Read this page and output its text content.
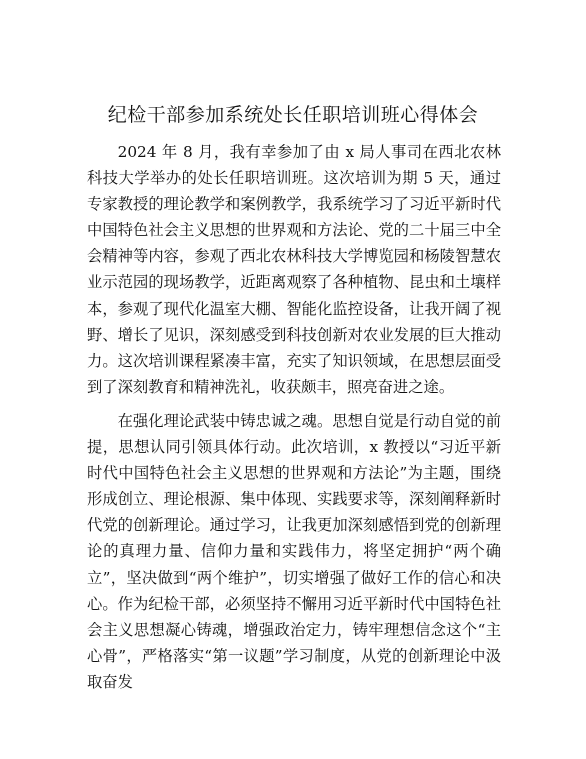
纪检干部参加系统处长任职培训班心得体会

2024 年 8 月，我有幸参加了由 x 局人事司在西北农林科技大学举办的处长任职培训班。这次培训为期 5 天，通过专家教授的理论教学和案例教学，我系统学习了习近平新时代中国特色社会主义思想的世界观和方法论、党的二十届三中全会精神等内容，参观了西北农林科技大学博览园和杨陵智慧农业示范园的现场教学，近距离观察了各种植物、昆虫和土壤样本，参观了现代化温室大棚、智能化监控设备，让我开阔了视野、增长了见识，深刻感受到科技创新对农业发展的巨大推动力。这次培训课程紧凑丰富，充实了知识领域，在思想层面受到了深刻教育和精神洗礼，收获颇丰，照亮奋进之途。

在强化理论武装中铸忠诚之魂。思想自觉是行动自觉的前提，思想认同引领具体行动。此次培训，x 教授以“习近平新时代中国特色社会主义思想的世界观和方法论”为主题，围绕形成创立、理论根源、集中体现、实践要求等，深刻阐释新时代党的创新理论。通过学习，让我更加深刻感悟到党的创新理论的真理力量、信仰力量和实践伟力，将坚定拥护“两个确立”，坚决做到“两个维护”，切实增强了做好工作的信心和决心。作为纪检干部，必须坚持不懈用习近平新时代中国特色社会主义思想凝心铸魂，增强政治定力，铸牢理想信念这个“主心骨”，严格落实“第一议题”学习制度，从党的创新理论中汲取奋发
